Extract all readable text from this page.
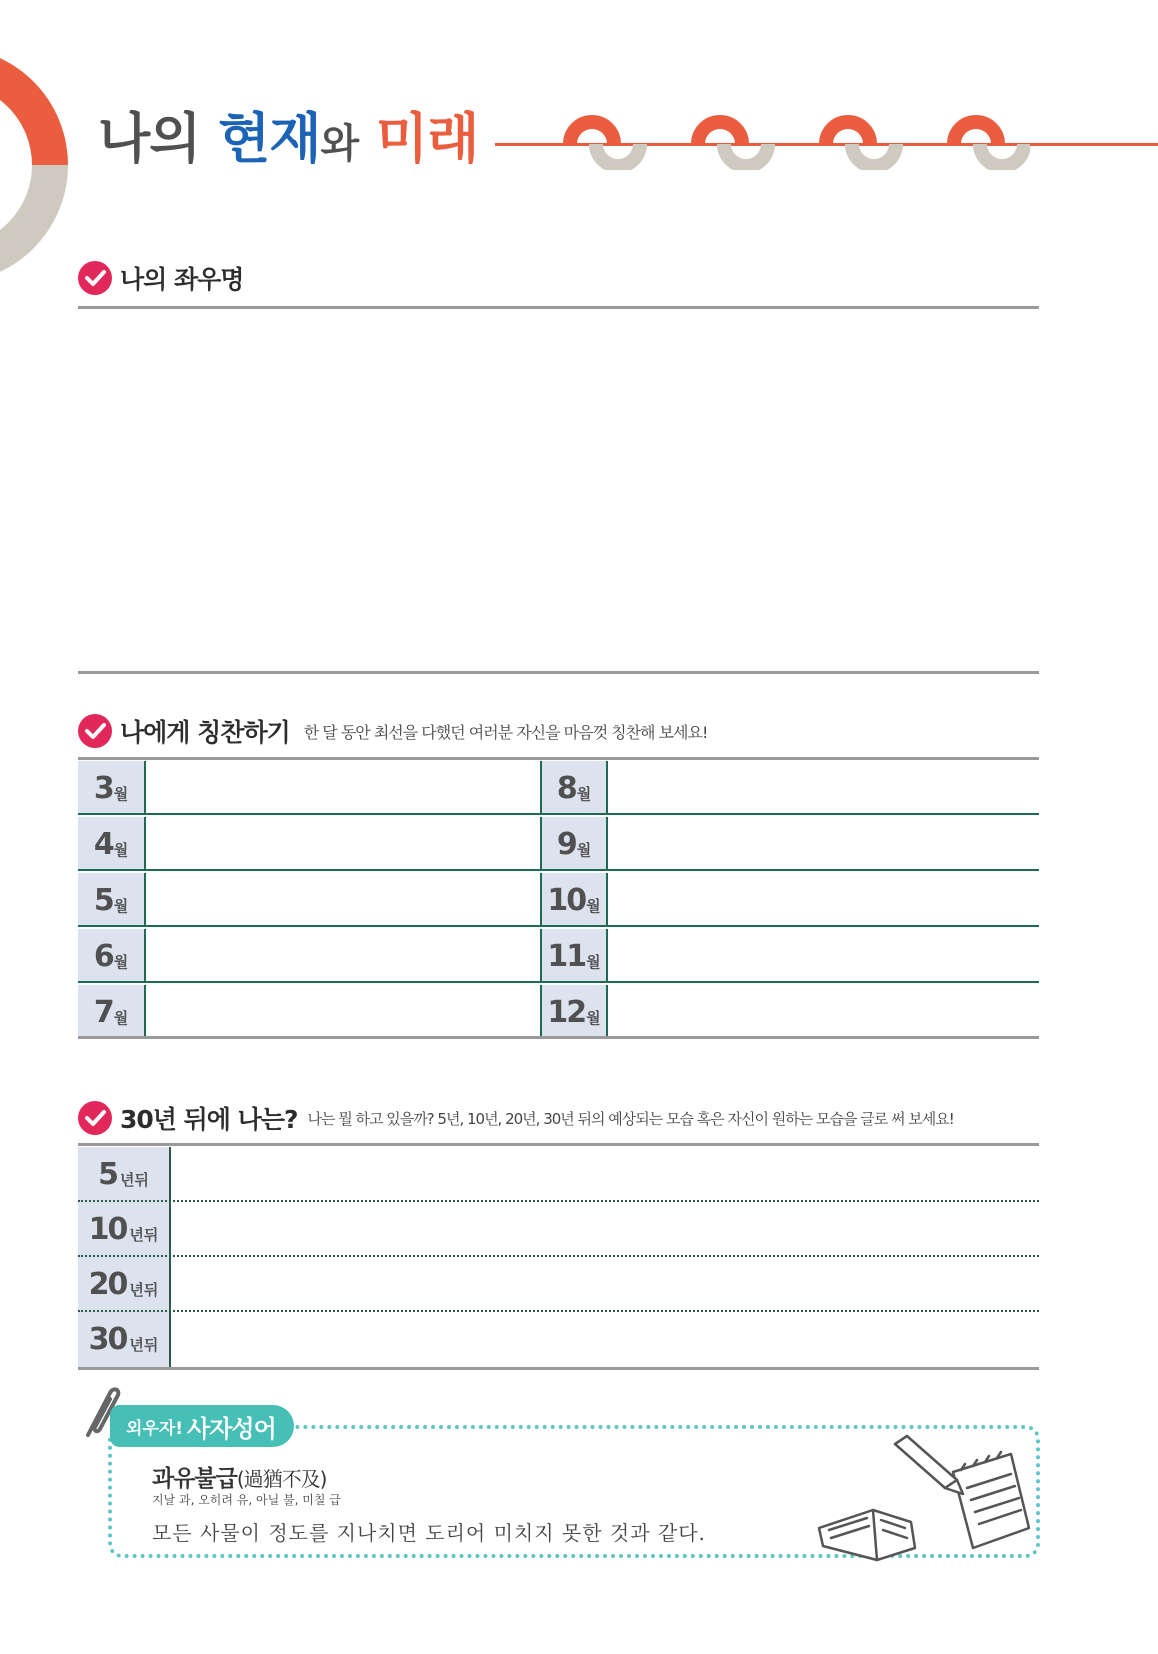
나의 현재와 미래
나의 좌우명
나에게 칭찬하기 한 달 동안 최선을 다했던 여러분 자신을 마음껏 칭찬해 보세요!
3 월	8 월
4 월	9 월
5 월	10 월
6 월	11 월
7 월	12 월
30년 뒤에 나는? 나는 뭘 하고 있을까? 5년, 10년, 20년, 30년 뒤의 예상되는 모습 혹은 자신이 원하는 모습을 글로 써 보세요!
5 년뒤
10 년뒤
20 년뒤
30 년뒤
외우자! 사자성어
과유불급(過猶不及)
지날 과, 오히려 유, 아닐 불, 미칠 급
모든 사물이 정도를 지나치면 도리어 미치지 못한 것과 같다.
